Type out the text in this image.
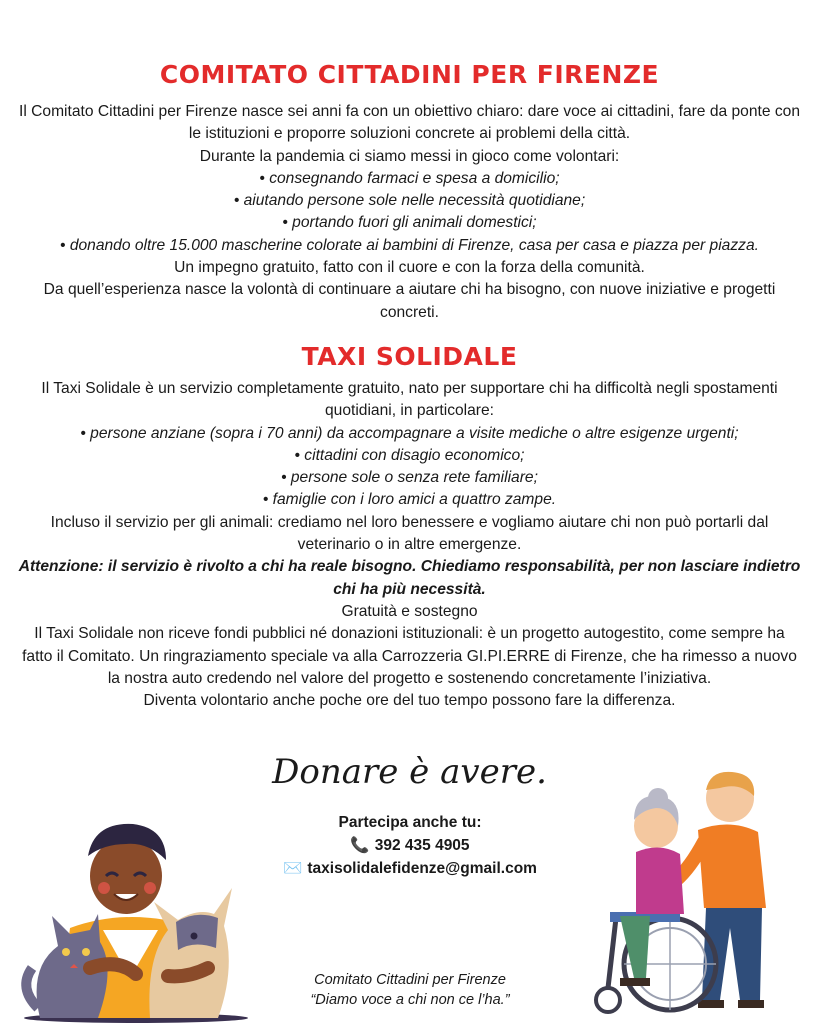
COMITATO CITTADINI PER FIRENZE
Il Comitato Cittadini per Firenze nasce sei anni fa con un obiettivo chiaro: dare voce ai cittadini, fare da ponte con le istituzioni e proporre soluzioni concrete ai problemi della città.
Durante la pandemia ci siamo messi in gioco come volontari:
• consegnando farmaci e spesa a domicilio;
• aiutando persone sole nelle necessità quotidiane;
• portando fuori gli animali domestici;
• donando oltre 15.000 mascherine colorate ai bambini di Firenze, casa per casa e piazza per piazza.
Un impegno gratuito, fatto con il cuore e con la forza della comunità.
Da quell’esperienza nasce la volontà di continuare a aiutare chi ha bisogno, con nuove iniziative e progetti concreti.
TAXI SOLIDALE
Il Taxi Solidale è un servizio completamente gratuito, nato per supportare chi ha difficoltà negli spostamenti quotidiani, in particolare:
• persone anziane (sopra i 70 anni) da accompagnare a visite mediche o altre esigenze urgenti;
• cittadini con disagio economico;
• persone sole o senza rete familiare;
• famiglie con i loro amici a quattro zampe.
Incluso il servizio per gli animali: crediamo nel loro benessere e vogliamo aiutare chi non può portarli dal veterinario o in altre emergenze.
Attenzione: il servizio è rivolto a chi ha reale bisogno. Chiediamo responsabilità, per non lasciare indietro chi ha più necessità.
Gratuità e sostegno
Il Taxi Solidale non riceve fondi pubblici né donazioni istituzionali: è un progetto autogestito, come sempre ha fatto il Comitato. Un ringraziamento speciale va alla Carrozzeria GI.PI.ERRE di Firenze, che ha rimesso a nuovo la nostra auto credendo nel valore del progetto e sostenendo concretamente l’iniziativa.
Diventa volontario anche poche ore del tuo tempo possono fare la differenza.
Donare è avere.
Partecipa anche tu:
📞 392 435 4905
✉️ taxisolidalefidenze@gmail.com
Comitato Cittadini per Firenze
“Diamo voce a chi non ce l’ha.”
